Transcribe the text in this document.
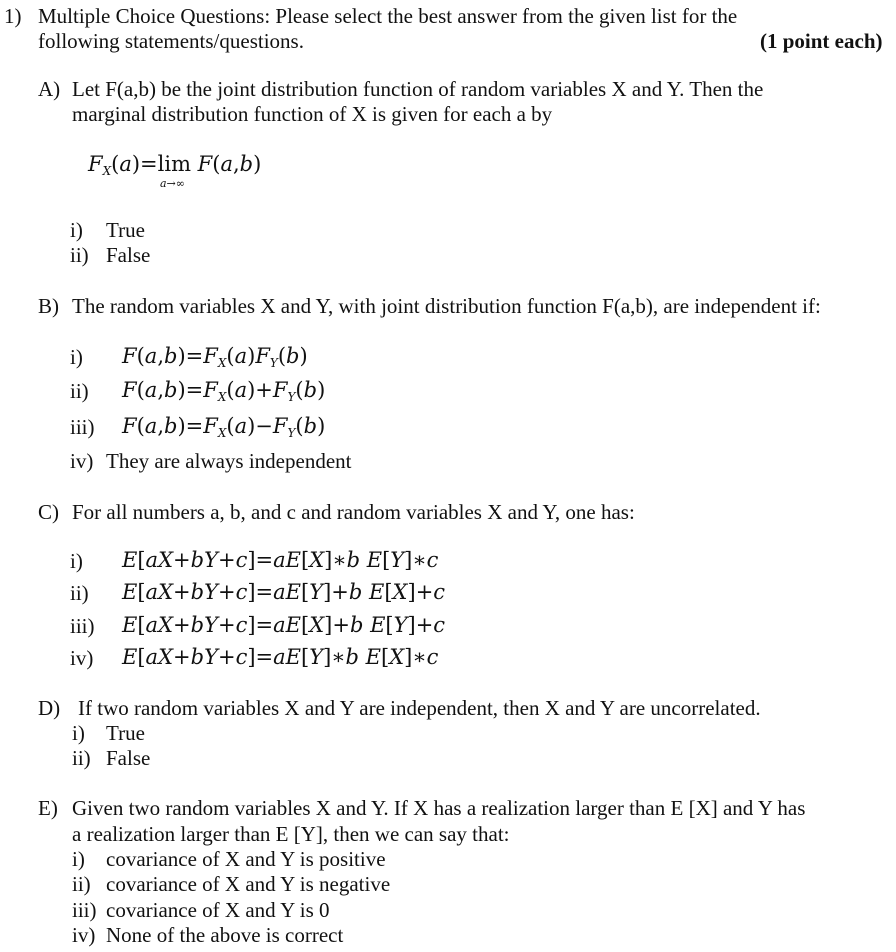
1) Multiple Choice Questions: Please select the best answer from the given list for the
following statements/questions.	(1 point each)
A) Let F(a,b) be the joint distribution function of random variables X and Y. Then the
marginal distribution function of X is given for each a by
$F_X(a)=\lim$ F(a,b)
a→∞
i) True
ii) False
B) The random variables X and Y, with joint distribution function F(a,b), are independent if:
i) $F(a,b)=F_X(a)F_Y(b)$
ii) $F(a,b)=F_X(a)+F_Y(b)$
iii) $F(a,b)=F_X(a)-F_Y(b)$
iv) They are always independent
C) For all numbers a, b, and c and random variables X and Y, one has:
i) E[aX+bY+c]=aE[X]∗b E[Y]∗c
ii) E[aX+bY+c]=aE[Y]+b E[X]+c
iii) E[aX+bY+c]=aE[X]+b E[Y]+c
iv) E[aX+bY+c]=aE[Y]∗b E[X]∗c
D) If two random variables X and Y are independent, then X and Y are uncorrelated.
i) True
ii) False
E) Given two random variables X and Y. If X has a realization larger than E [X] and Y has
a realization larger than E [Y], then we can say that:
i) covariance of X and Y is positive
ii) covariance of X and Y is negative
iii) covariance of X and Y is 0
iv) None of the above is correct
